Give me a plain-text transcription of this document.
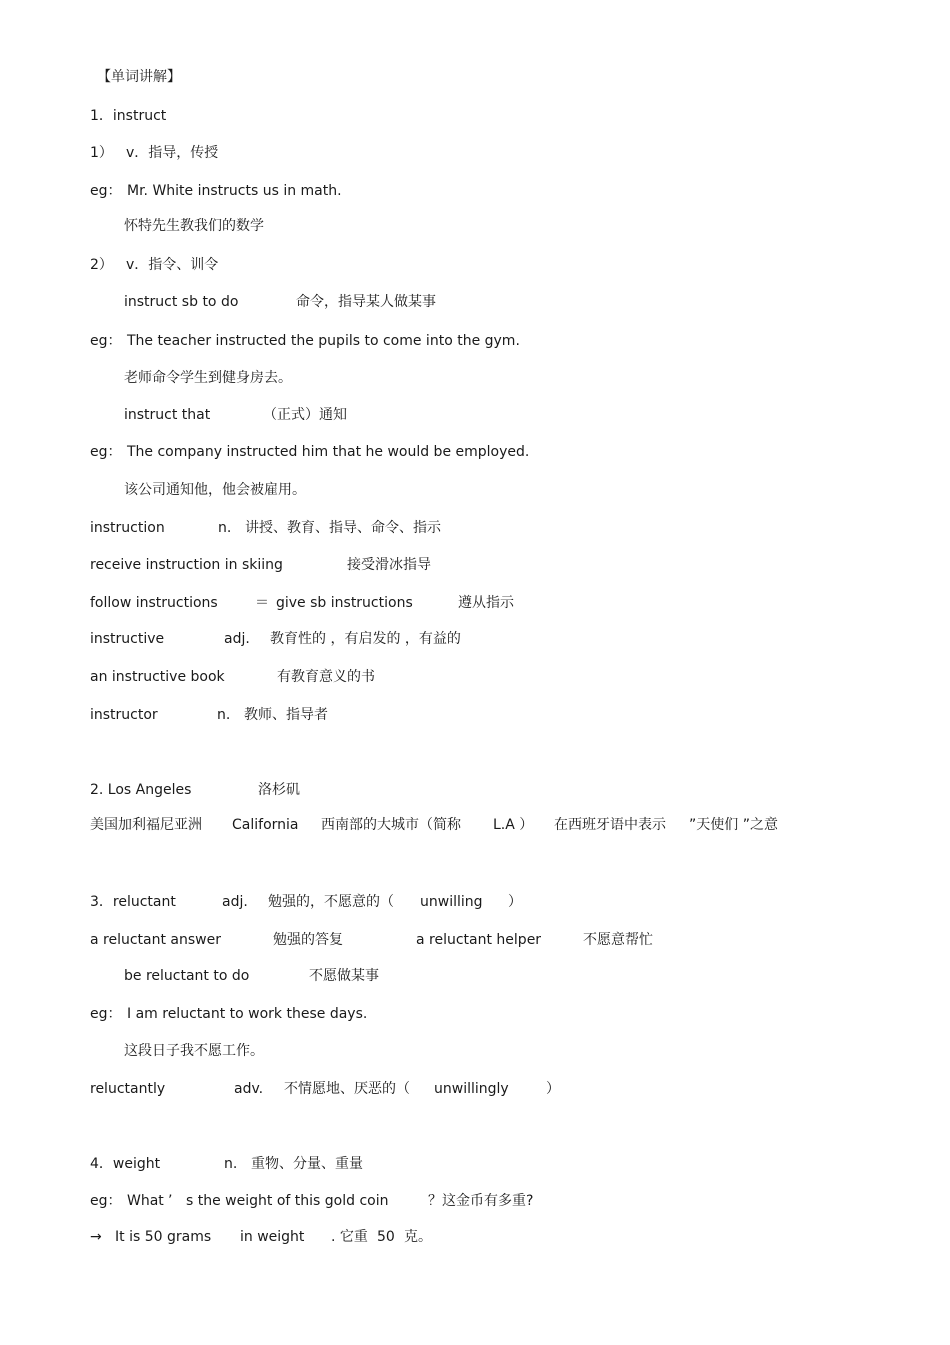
【单词讲解】
1．instruct
1） v．指导，传授
eg： Mr. White instructs us in math.
怀特先生教我们的数学
2） v．指令、训令
instruct sb to do	命令，指导某人做某事
eg： The teacher instructed the pupils to come into the gym.
老师命令学生到健身房去。
instruct that	（正式）通知
eg： The company instructed him that he would be employed.
该公司通知他，他会被雇用。
instruction	n. 讲授、教育、指导、命令、指示
receive instruction in skiing	接受滑冰指导
follow instructions	＝ give sb instructions	遵从指示
instructive	adj. 教育性的 ，有启发的 ，有益的
an instructive book	有教育意义的书
instructor	n. 教师、指导者
2. Los Angeles	洛杉矶
美国加利福尼亚洲 California 西南部的大城市（简称 L.A ） 在西班牙语中表示 ”天使们 ”之意
3．reluctant	adj. 勉强的，不愿意的（ unwilling ）
a reluctant answer	勉强的答复	a reluctant helper	不愿意帮忙
be reluctant to do	不愿做某事
eg： I am reluctant to work these days.
这段日子我不愿工作。
reluctantly	adv. 不情愿地、厌恶的（ unwillingly	）
4．weight	n. 重物、分量、重量
eg： What ’ s the weight of this gold coin	？这金币有多重?
→ It is 50 grams in weight . 它重 50 克。
